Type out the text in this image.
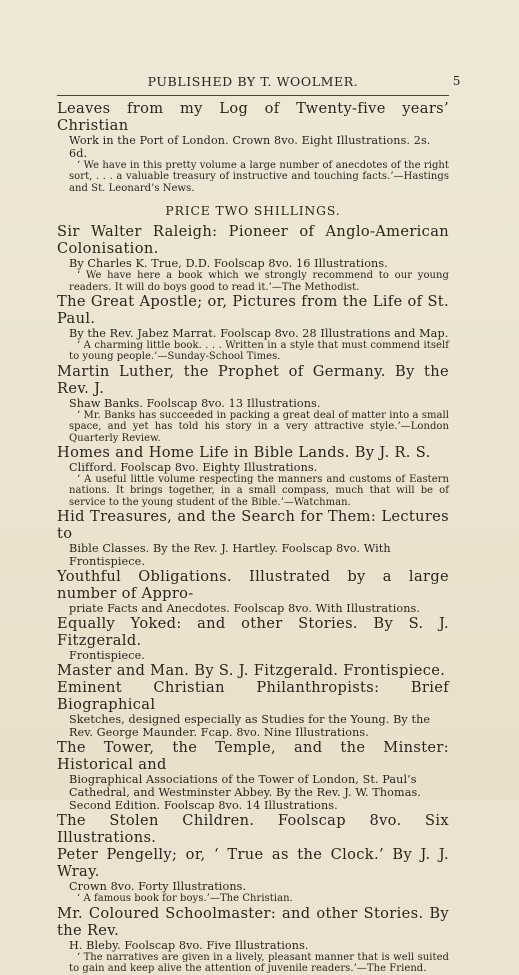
PUBLISHED BY T. WOOLMER.	5
Leaves from my Log of Twenty-five years’ Christian
Work in the Port of London. Crown 8vo. Eight Illustrations. 2s. 6d.
‘ We have in this pretty volume a large number of anecdotes of the right sort, . . . a valuable treasury of instructive and touching facts.’—Hastings and St. Leonard’s News.
PRICE TWO SHILLINGS.
Sir Walter Raleigh: Pioneer of Anglo-American Colonisation.
By Charles K. True, D.D. Foolscap 8vo. 16 Illustrations.
‘ We have here a book which we strongly recommend to our young readers. It will do boys good to read it.’—The Methodist.
The Great Apostle; or, Pictures from the Life of St. Paul.
By the Rev. Jabez Marrat. Foolscap 8vo. 28 Illustrations and Map.
‘ A charming little book. . . . Written in a style that must commend itself to young people.’—Sunday-School Times.
Martin Luther, the Prophet of Germany. By the Rev. J.
Shaw Banks. Foolscap 8vo. 13 Illustrations.
‘ Mr. Banks has succeeded in packing a great deal of matter into a small space, and yet has told his story in a very attractive style.’—London Quarterly Review.
Homes and Home Life in Bible Lands. By J. R. S.
Clifford. Foolscap 8vo. Eighty Illustrations.
‘ A useful little volume respecting the manners and customs of Eastern nations. It brings together, in a small compass, much that will be of service to the young student of the Bible.’—Watchman.
Hid Treasures, and the Search for Them: Lectures to
Bible Classes. By the Rev. J. Hartley. Foolscap 8vo. With Frontispiece.
Youthful Obligations. Illustrated by a large number of Appro-
priate Facts and Anecdotes. Foolscap 8vo. With Illustrations.
Equally Yoked: and other Stories. By S. J. Fitzgerald.
Frontispiece.
Master and Man. By S. J. Fitzgerald. Frontispiece.
Eminent Christian Philanthropists: Brief Biographical
Sketches, designed especially as Studies for the Young. By the Rev. George Maunder. Fcap. 8vo. Nine Illustrations.
The Tower, the Temple, and the Minster: Historical and
Biographical Associations of the Tower of London, St. Paul’s Cathedral, and Westminster Abbey. By the Rev. J. W. Thomas. Second Edition. Foolscap 8vo. 14 Illustrations.
The Stolen Children. Foolscap 8vo. Six Illustrations.
Peter Pengelly; or, ‘ True as the Clock.’ By J. J. Wray.
Crown 8vo. Forty Illustrations.
‘ A famous book for boys.’—The Christian.
Mr. Coloured Schoolmaster: and other Stories. By the Rev.
H. Bleby. Foolscap 8vo. Five Illustrations.
‘ The narratives are given in a lively, pleasant manner that is well suited to gain and keep alive the attention of juvenile readers.’—The Friend.
